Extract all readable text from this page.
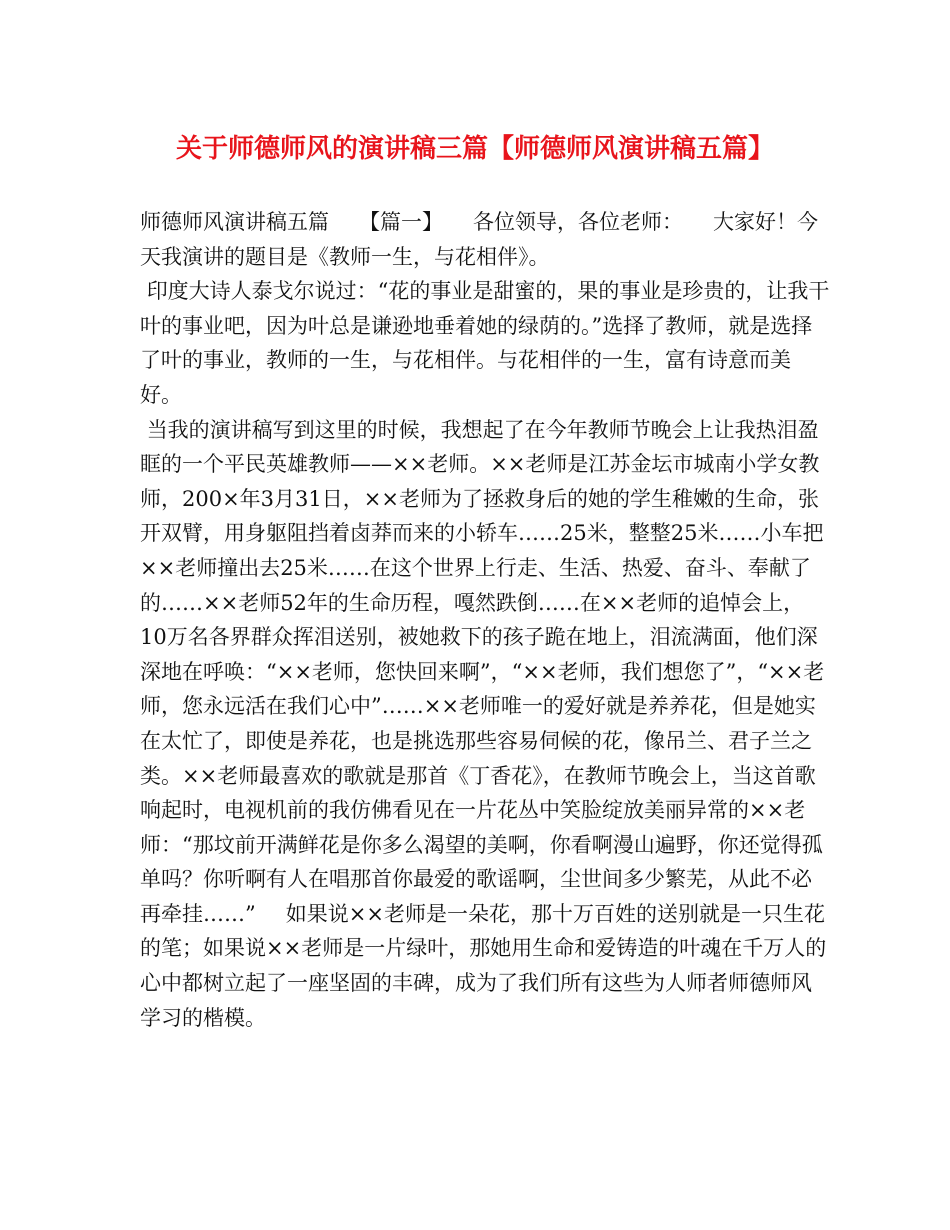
关于师德师风的演讲稿三篇【师德师风演讲稿五篇】

师德师风演讲稿五篇 【篇一】 各位领导，各位老师： 大家好！今天我演讲的题目是《教师一生，与花相伴》。

印度大诗人泰戈尔说过：“花的事业是甜蜜的，果的事业是珍贵的，让我干叶的事业吧，因为叶总是谦逊地垂着她的绿荫的。”选择了教师，就是选择了叶的事业，教师的一生，与花相伴。与花相伴的一生，富有诗意而美好。

当我的演讲稿写到这里的时候，我想起了在今年教师节晚会上让我热泪盈眶的一个平民英雄教师——××老师。××老师是江苏金坛市城南小学女教师，200×年3月31日，××老师为了拯救身后的她的学生稚嫩的生命，张开双臂，用身躯阻挡着卤莽而来的小轿车……25米，整整25米……小车把××老师撞出去25米……在这个世界上行走、生活、热爱、奋斗、奉献了的……××老师52年的生命历程，嘎然跌倒……在××老师的追悼会上，10万名各界群众挥泪送别，被她救下的孩子跪在地上，泪流满面，他们深深地在呼唤：“××老师，您快回来啊”，“××老师，我们想您了”，“××老师，您永远活在我们心中”……××老师唯一的爱好就是养养花，但是她实在太忙了，即使是养花，也是挑选那些容易伺候的花，像吊兰、君子兰之类。××老师最喜欢的歌就是那首《丁香花》，在教师节晚会上，当这首歌响起时，电视机前的我仿佛看见在一片花丛中笑脸绽放美丽异常的××老师：“那坟前开满鲜花是你多么渴望的美啊，你看啊漫山遍野，你还觉得孤单吗？你听啊有人在唱那首你最爱的歌谣啊，尘世间多少繁芜，从此不必再牵挂……” 如果说××老师是一朵花，那十万百姓的送别就是一只生花的笔；如果说××老师是一片绿叶，那她用生命和爱铸造的叶魂在千万人的心中都树立起了一座坚固的丰碑，成为了我们所有这些为人师者师德师风学习的楷模。
